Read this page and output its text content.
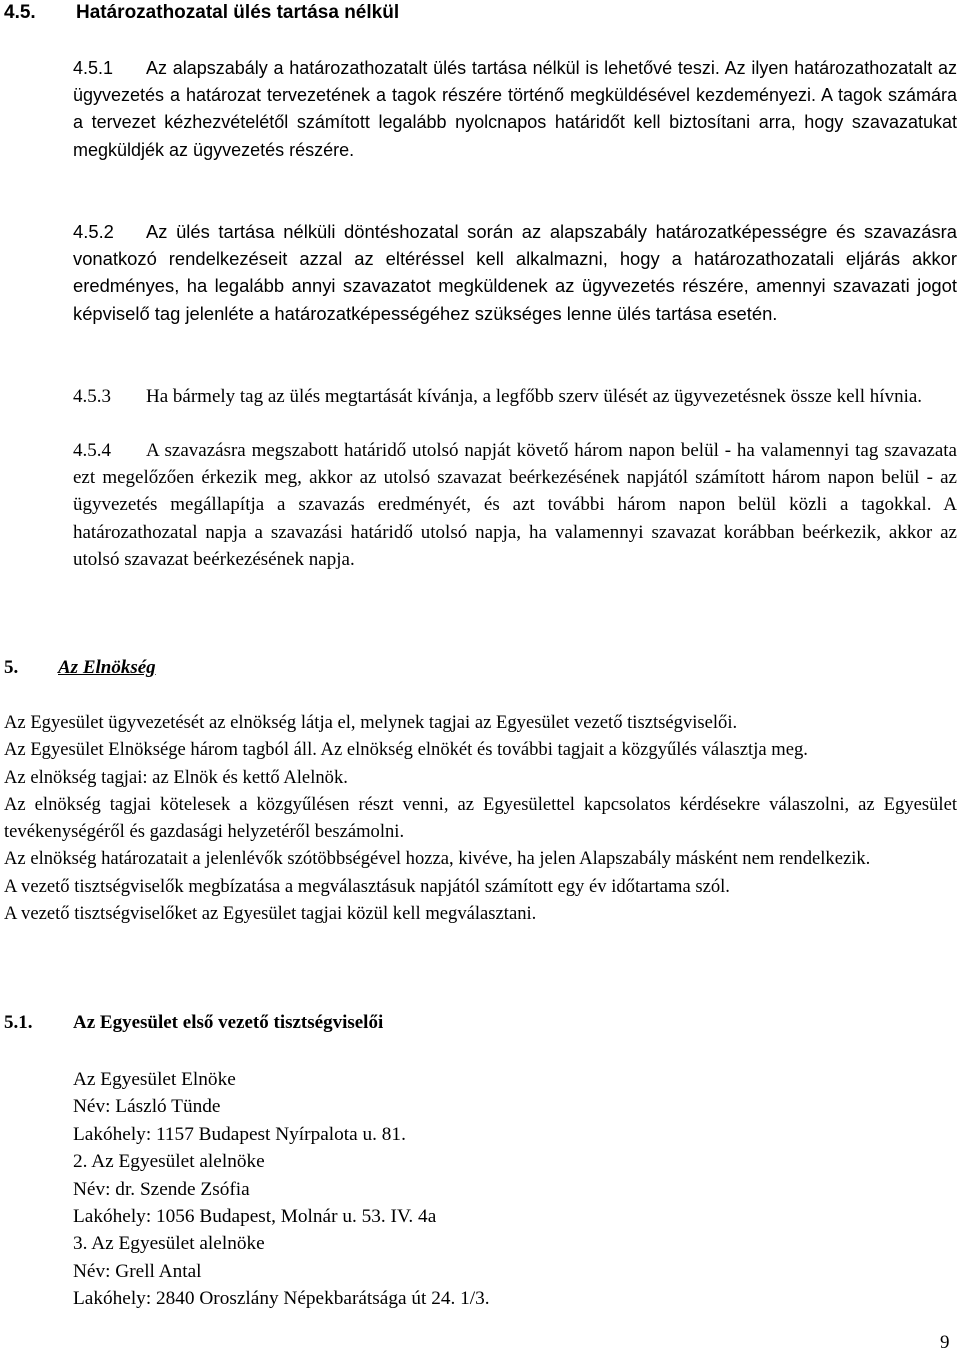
4.5. Határozathozatal ülés tartása nélkül
4.5.1 Az alapszabály a határozathozatalt ülés tartása nélkül is lehetővé teszi. Az ilyen határozathozatalt az ügyvezetés a határozat tervezetének a tagok részére történő megküldésével kezdeményezi. A tagok számára a tervezet kézhezvételétől számított legalább nyolcnapos határidőt kell biztosítani arra, hogy szavazatukat megküldjék az ügyvezetés részére.
4.5.2 Az ülés tartása nélküli döntéshozatal során az alapszabály határozatképességre és szavazásra vonatkozó rendelkezéseit azzal az eltéréssel kell alkalmazni, hogy a határozathozatali eljárás akkor eredményes, ha legalább annyi szavazatot megküldenek az ügyvezetés részére, amennyi szavazati jogot képviselő tag jelenléte a határozatképességéhez szükséges lenne ülés tartása esetén.
4.5.3 Ha bármely tag az ülés megtartását kívánja, a legfőbb szerv ülését az ügyvezetésnek össze kell hívnia.
4.5.4 A szavazásra megszabott határidő utolsó napját követő három napon belül - ha valamennyi tag szavazata ezt megelőzően érkezik meg, akkor az utolsó szavazat beérkezésének napjától számított három napon belül - az ügyvezetés megállapítja a szavazás eredményét, és azt további három napon belül közli a tagokkal. A határozathozatal napja a szavazási határidő utolsó napja, ha valamennyi szavazat korábban beérkezik, akkor az utolsó szavazat beérkezésének napja.
5. Az Elnökség

Az Egyesület ügyvezetését az elnökség látja el, melynek tagjai az Egyesület vezető tisztségviselői.

Az Egyesület Elnöksége három tagból áll. Az elnökség elnökét és további tagjait a közgyűlés választja meg.

Az elnökség tagjai: az Elnök és kettő Alelnök.

Az elnökség tagjai kötelesek a közgyűlésen részt venni, az Egyesülettel kapcsolatos kérdésekre válaszolni, az Egyesület tevékenységéről és gazdasági helyzetéről beszámolni.

Az elnökség határozatait a jelenlévők szótöbbségével hozza, kivéve, ha jelen Alapszabály másként nem rendelkezik.

A vezető tisztségviselők megbízatása a megválasztásuk napjától számított egy év időtartama szól.

A vezető tisztségviselőket az Egyesület tagjai közül kell megválasztani.

5.1. Az Egyesület első vezető tisztségviselői
Az Egyesület Elnöke
Név: László Tünde
Lakóhely: 1157 Budapest Nyírpalota u. 81.
2. Az Egyesület alelnöke
Név: dr. Szende Zsófia
Lakóhely: 1056 Budapest, Molnár u. 53. IV. 4a
3. Az Egyesület alelnöke
Név: Grell Antal
Lakóhely: 2840 Oroszlány Népekbarátsága út 24. 1/3.
9
